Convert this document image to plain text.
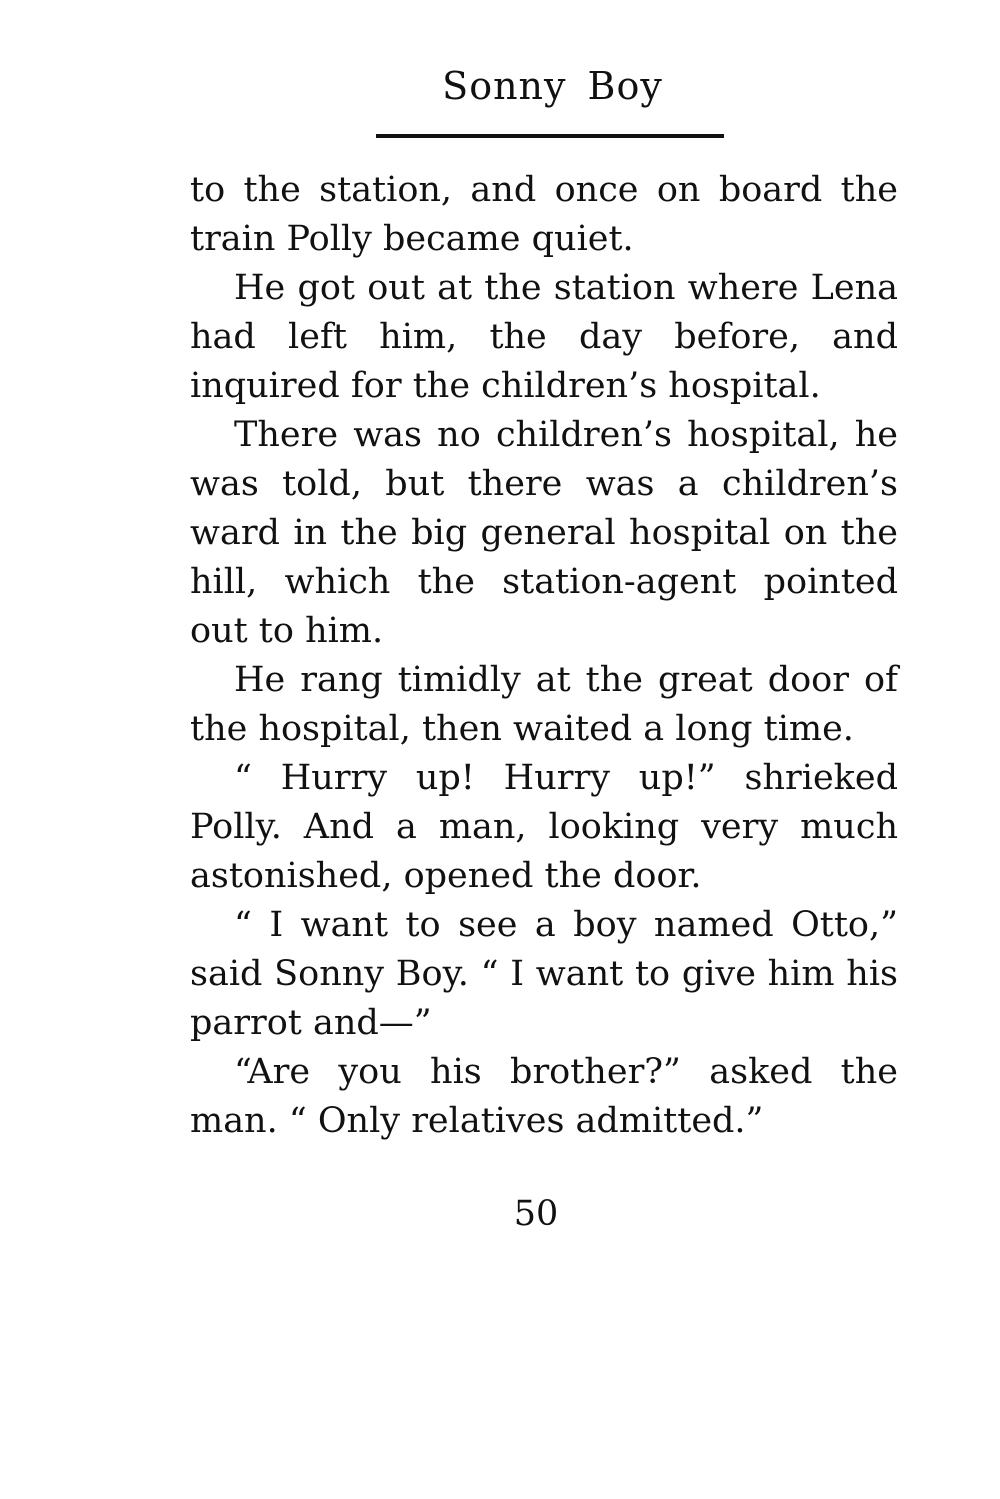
Sonny Boy

to the station, and once on board the train Polly became quiet.

He got out at the station where Lena had left him, the day before, and inquired for the children’s hospital.

There was no children’s hospital, he was told, but there was a children’s ward in the big general hospital on the hill, which the station-agent pointed out to him.

He rang timidly at the great door of the hospital, then waited a long time.

“ Hurry up! Hurry up!” shrieked Polly. And a man, looking very much astonished, opened the door.

“ I want to see a boy named Otto,” said Sonny Boy. “ I want to give him his parrot and—”

“Are you his brother?” asked the man. “ Only relatives admitted.”

50
